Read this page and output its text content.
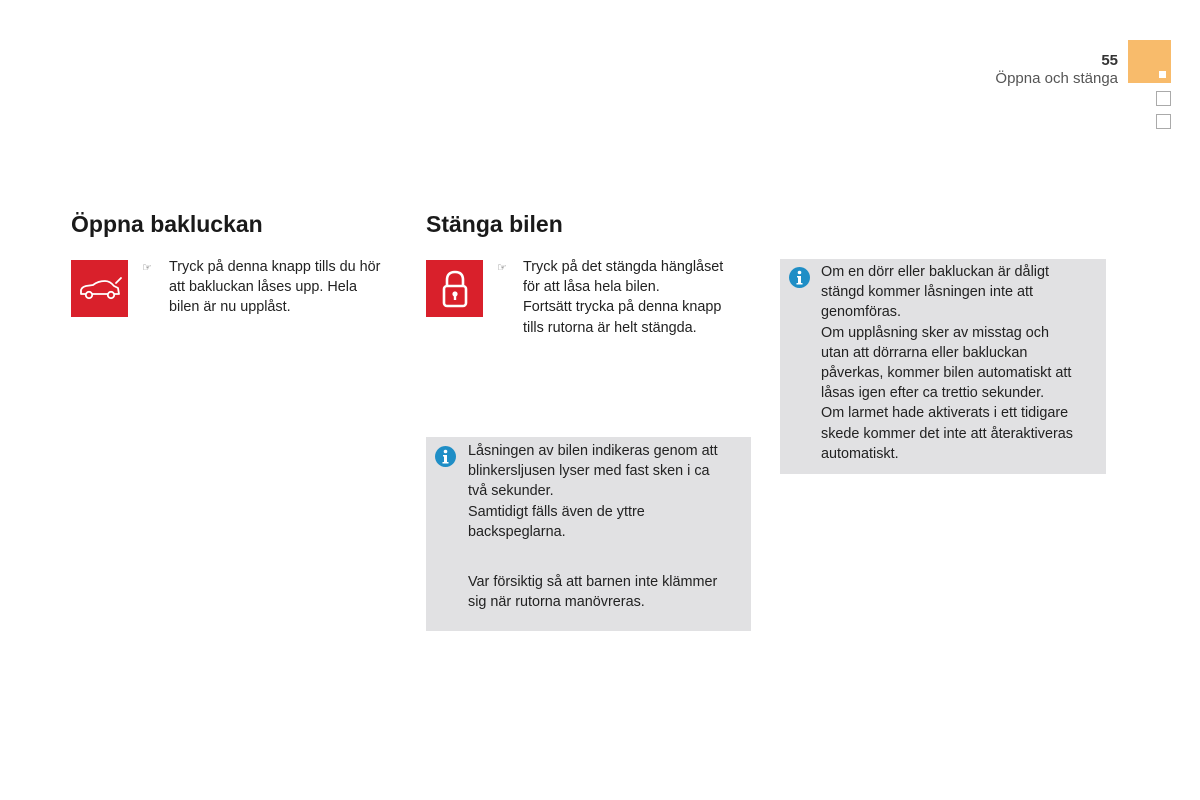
55
Öppna och stänga
Öppna bakluckan
☞ Tryck på denna knapp tills du hör
att bakluckan låses upp. Hela
bilen är nu upplåst.
Stänga bilen
☞ Tryck på det stängda hänglåset
för att låsa hela bilen.
Fortsätt trycka på denna knapp
tills rutorna är helt stängda.
Låsningen av bilen indikeras genom att
blinkersljusen lyser med fast sken i ca
två sekunder.
Samtidigt fälls även de yttre
backspeglarna.
Var försiktig så att barnen inte klämmer
sig när rutorna manövreras.
Om en dörr eller bakluckan är dåligt
stängd kommer låsningen inte att
genomföras.
Om upplåsning sker av misstag och
utan att dörrarna eller bakluckan
påverkas, kommer bilen automatiskt att
låsas igen efter ca trettio sekunder.
Om larmet hade aktiverats i ett tidigare
skede kommer det inte att återaktiveras
automatiskt.
